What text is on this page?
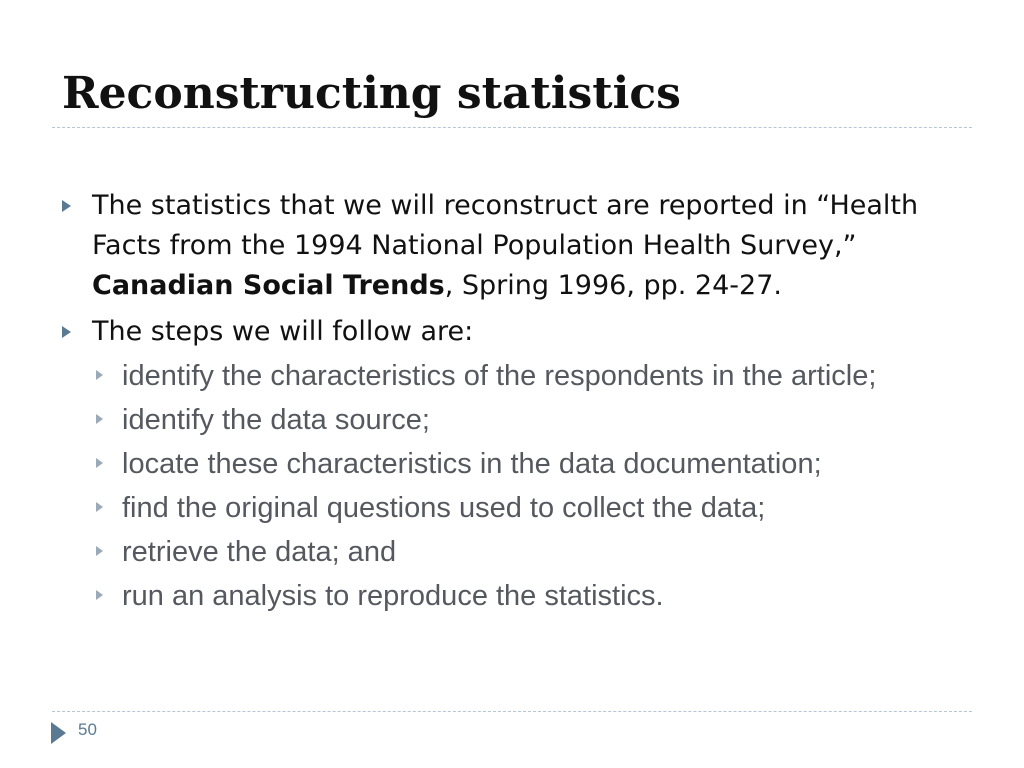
Reconstructing statistics
The statistics that we will reconstruct are reported in “Health Facts from the 1994 National Population Health Survey,” Canadian Social Trends, Spring 1996, pp. 24-27.
The steps we will follow are:
identify the characteristics of the respondents in the article;
identify the data source;
locate these characteristics in the data documentation;
find the original questions used to collect the data;
retrieve the data; and
run an analysis to reproduce the statistics.
50
